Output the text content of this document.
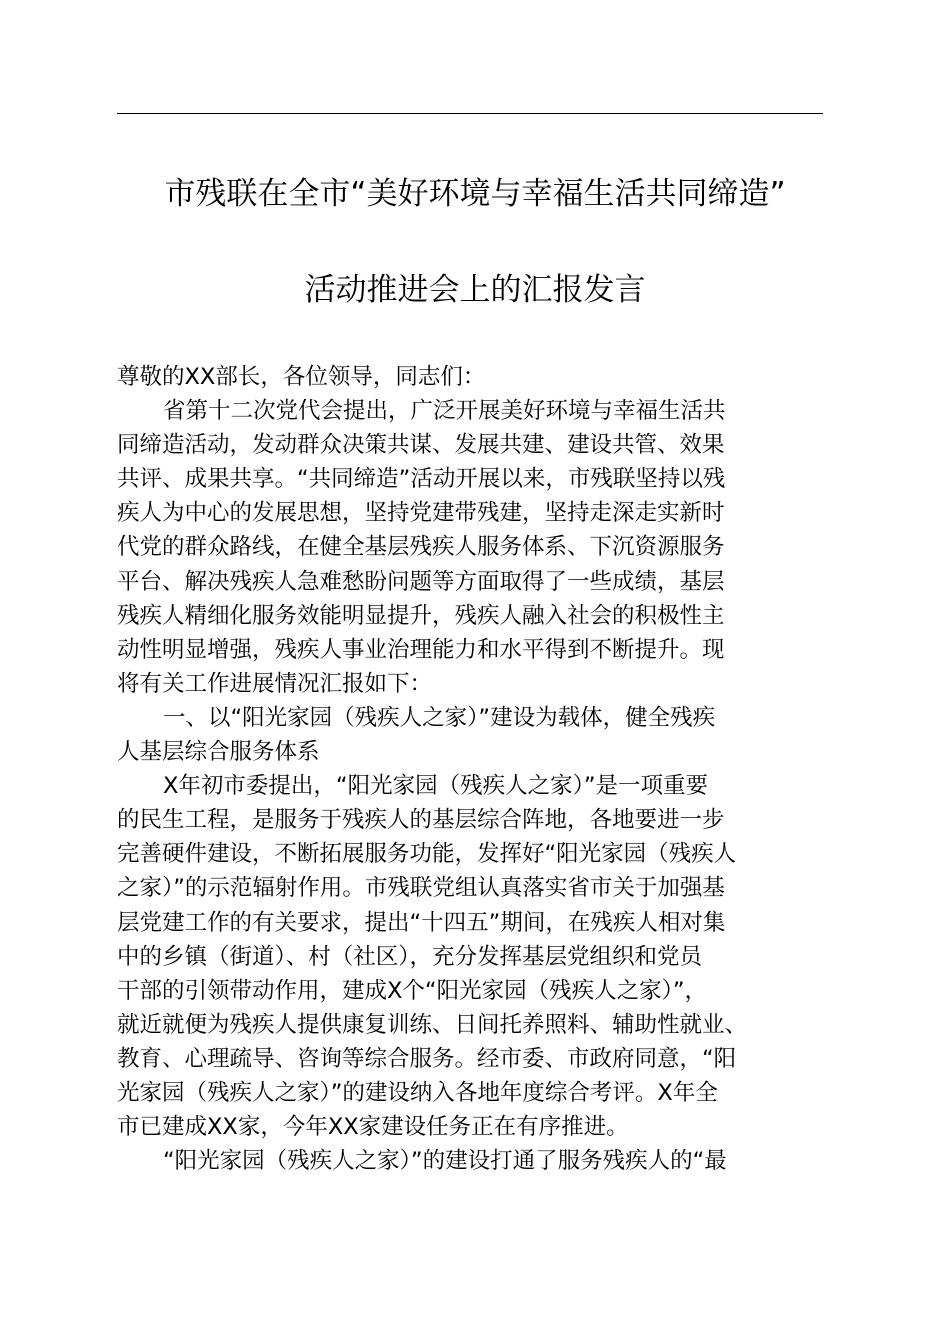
市残联在全市“美好环境与幸福生活共同缔造”
活动推进会上的汇报发言
尊敬的XX部长，各位领导，同志们：
省第十二次党代会提出，广泛开展美好环境与幸福生活共
同缔造活动，发动群众决策共谋、发展共建、建设共管、效果
共评、成果共享。“共同缔造”活动开展以来，市残联坚持以残
疾人为中心的发展思想，坚持党建带残建，坚持走深走实新时
代党的群众路线，在健全基层残疾人服务体系、下沉资源服务
平台、解决残疾人急难愁盼问题等方面取得了一些成绩，基层
残疾人精细化服务效能明显提升，残疾人融入社会的积极性主
动性明显增强，残疾人事业治理能力和水平得到不断提升。现
将有关工作进展情况汇报如下：
一、以“阳光家园（残疾人之家）”建设为载体，健全残疾
人基层综合服务体系
X年初市委提出，“阳光家园（残疾人之家）”是一项重要
的民生工程，是服务于残疾人的基层综合阵地，各地要进一步
完善硬件建设，不断拓展服务功能，发挥好“阳光家园（残疾人
之家）”的示范辐射作用。市残联党组认真落实省市关于加强基
层党建工作的有关要求，提出“十四五”期间，在残疾人相对集
中的乡镇（街道）、村（社区），充分发挥基层党组织和党员
干部的引领带动作用，建成X个“阳光家园（残疾人之家）”，
就近就便为残疾人提供康复训练、日间托养照料、辅助性就业、
教育、心理疏导、咨询等综合服务。经市委、市政府同意，“阳
光家园（残疾人之家）”的建设纳入各地年度综合考评。X年全
市已建成XX家，今年XX家建设任务正在有序推进。
“阳光家园（残疾人之家）”的建设打通了服务残疾人的“最
